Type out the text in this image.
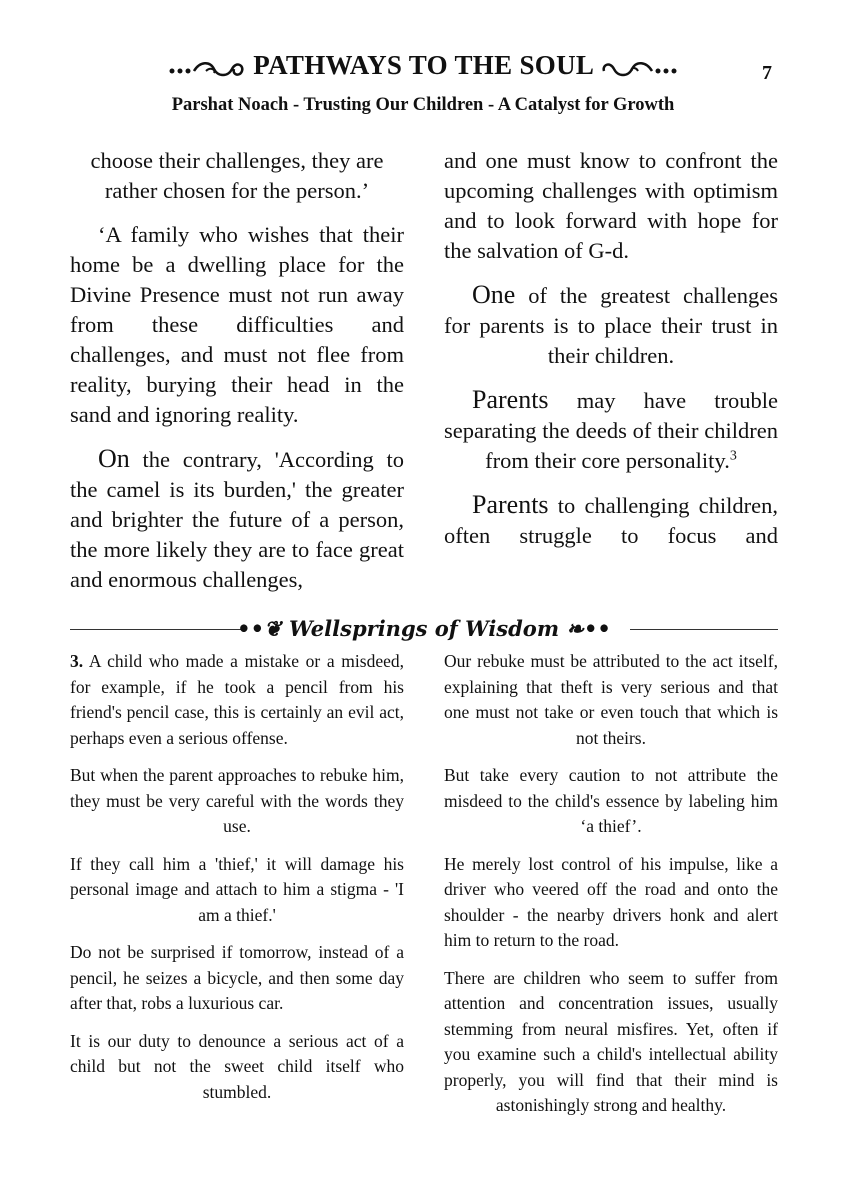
PATHWAYS TO THE SOUL	7
Parshat Noach - Trusting Our Children - A Catalyst for Growth

choose their challenges, they are rather chosen for the person.’

‘A family who wishes that their home be a dwelling place for the Divine Presence must not run away from these difficulties and challenges, and must not flee from reality, burying their head in the sand and ignoring reality.

On the contrary, 'According to the camel is its burden,' the greater and brighter the future of a person, the more likely they are to face great and enormous challenges,

and one must know to confront the upcoming challenges with optimism and to look forward with hope for the salvation of G-d.

One of the greatest challenges for parents is to place their trust in their children.

Parents may have trouble separating the deeds of their children from their core personality.$^3$

Parents to challenging children, often struggle to focus and

••❦ Wellsprings of Wisdom ❧••

3. A child who made a mistake or a misdeed, for example, if he took a pencil from his friend's pencil case, this is certainly an evil act, perhaps even a serious offense.

But when the parent approaches to rebuke him, they must be very careful with the words they use.

If they call him a 'thief,' it will damage his personal image and attach to him a stigma - 'I am a thief.'

Do not be surprised if tomorrow, instead of a pencil, he seizes a bicycle, and then some day after that, robs a luxurious car.

It is our duty to denounce a serious act of a child but not the sweet child itself who stumbled.

Our rebuke must be attributed to the act itself, explaining that theft is very serious and that one must not take or even touch that which is not theirs.

But take every caution to not attribute the misdeed to the child's essence by labeling him ‘a thief’.

He merely lost control of his impulse, like a driver who veered off the road and onto the shoulder - the nearby drivers honk and alert him to return to the road.

There are children who seem to suffer from attention and concentration issues, usually stemming from neural misfires. Yet, often if you examine such a child's intellectual ability properly, you will find that their mind is astonishingly strong and healthy.
